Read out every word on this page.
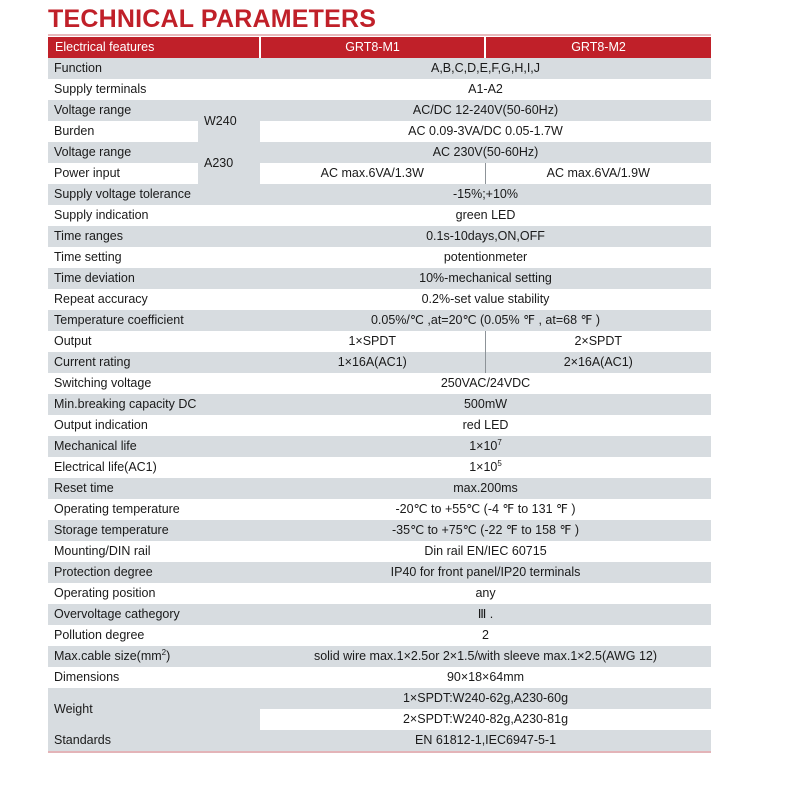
TECHNICAL PARAMETERS
Electrical features		GRT8-M1	GRT8-M2
Function		A,B,C,D,E,F,G,H,I,J	
Supply terminals		A1-A2	
Voltage range	W240	AC/DC 12-240V(50-60Hz)	
Burden		AC 0.09-3VA/DC 0.05-1.7W	
Voltage range	A230	AC 230V(50-60Hz)	
Power input		AC max.6VA/1.3W	AC max.6VA/1.9W
Supply voltage tolerance		-15%;+10%	
Supply indication		green LED	
Time ranges		0.1s-10days,ON,OFF	
Time setting		potentionmeter	
Time deviation		10%-mechanical setting	
Repeat accuracy		0.2%-set value stability	
Temperature coefficient		0.05%/℃ ,at=20℃ (0.05% ℉ , at=68 ℉ )	
Output		1×SPDT	2×SPDT
Current rating		1×16A(AC1)	2×16A(AC1)
Switching voltage		250VAC/24VDC	
Min.breaking capacity DC		500mW	
Output indication		red LED	
Mechanical life		$1\times 10^7$
Electrical life(AC1)		$1\times 10^5$
Reset time		max.200ms	
Operating temperature		-20℃ to +55℃ (-4 ℉ to 131 ℉ )	
Storage temperature		-35℃ to +75℃ (-22 ℉ to 158 ℉ )	
Mounting/DIN rail		Din rail EN/IEC 60715	
Protection degree		IP40 for front panel/IP20 terminals	
Operating position		any	
Overvoltage cathegory		Ⅲ .	
Pollution degree		2	
Max.cable $size(mm^2)$		solid wire max.1×2.5or 2×1.5/with sleeve max.1×2.5(AWG 12)	
Dimensions		90×18×64mm	
Weight		1×SPDT:W240-62g,A230-60g	
		2×SPDT:W240-82g,A230-81g	
Standards		EN 61812-1,IEC6947-5-1	
